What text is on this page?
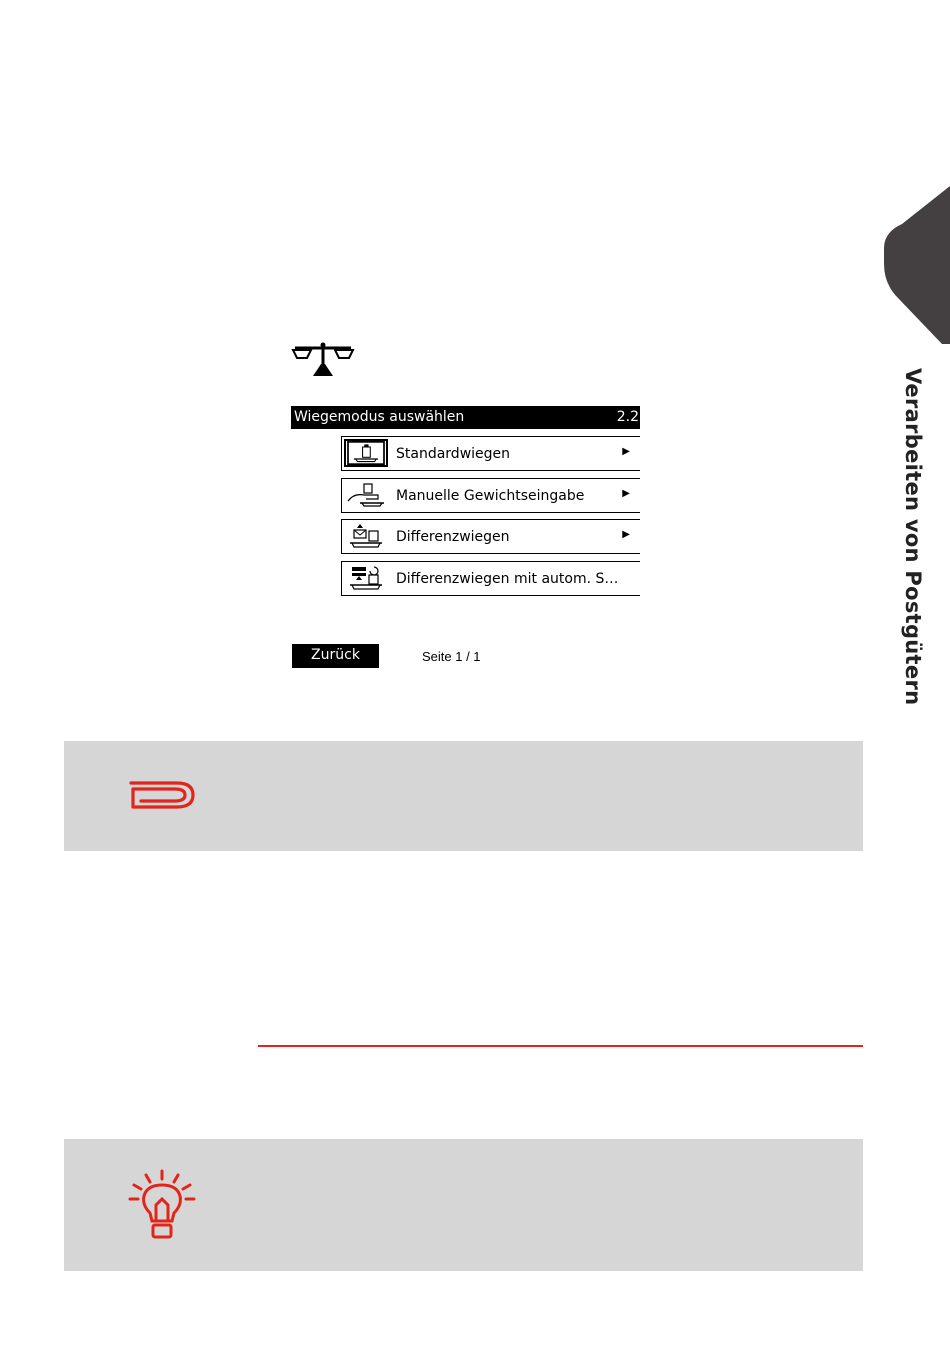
Verarbeiten von Postgütern
Wiegemodus auswählen	2.2
Standardwiegen	▶
Manuelle Gewichtseingabe	▶
Differenzwiegen	▶
Differenzwiegen mit autom. S…
Zurück	Seite 1 / 1
